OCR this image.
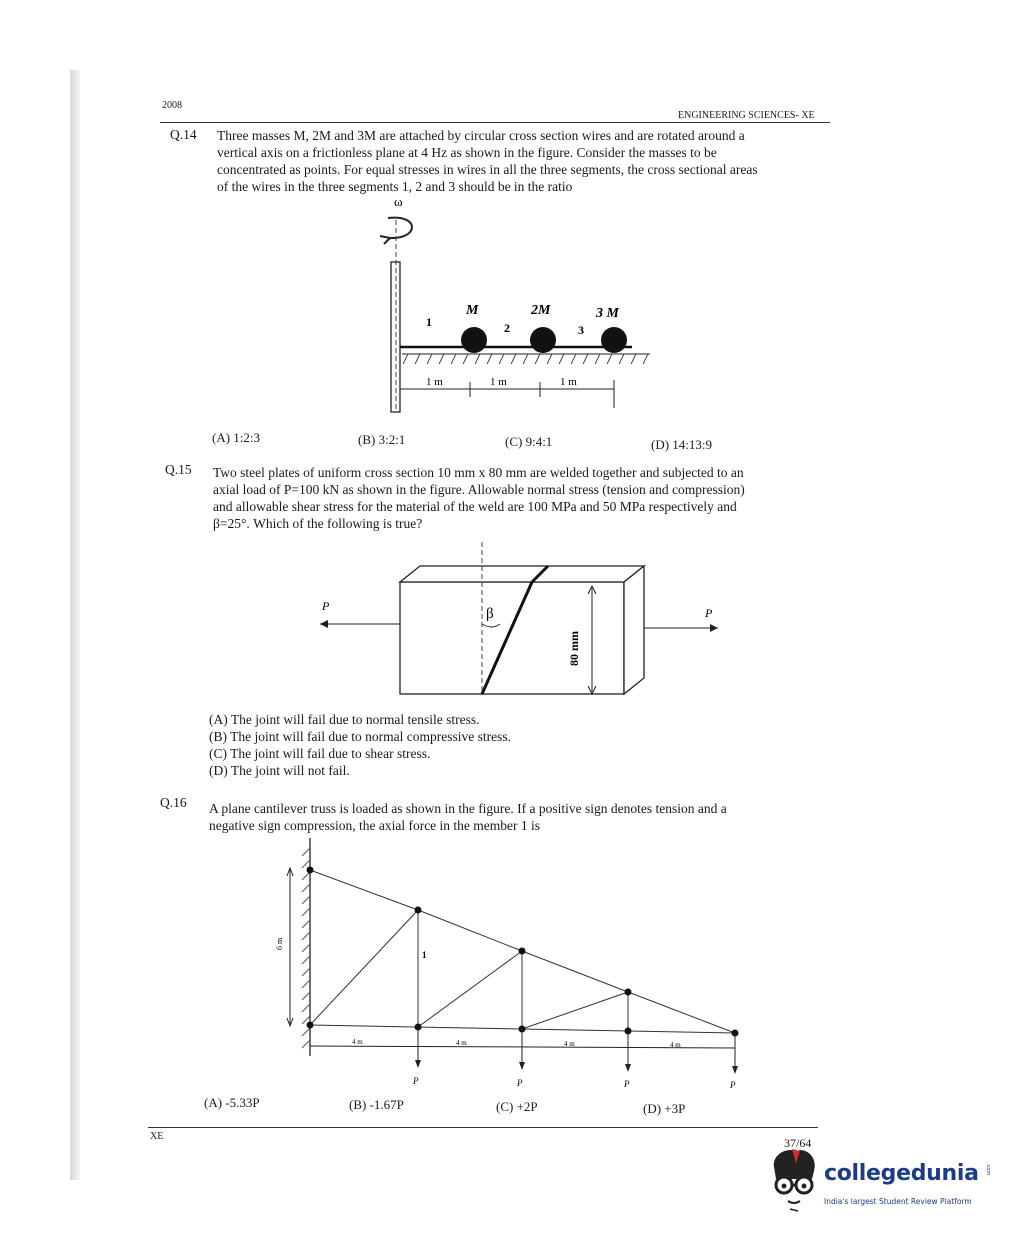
2008
ENGINEERING SCIENCES- XE
Q.14 Three masses M, 2M and 3M are attached by circular cross section wires and are rotated around a
vertical axis on a frictionless plane at 4 Hz as shown in the figure. Consider the masses to be
concentrated as points. For equal stresses in wires in all the three segments, the cross sectional areas
of the wires in the three segments 1, 2 and 3 should be in the ratio
ω
M	2M	3 M
1	2	3
1 m	1 m	1 m
(A) 1:2:3	(B) 3:2:1	(C) 9:4:1	(D) 14:13:9
Q.15 Two steel plates of uniform cross section 10 mm x 80 mm are welded together and subjected to an
axial load of P=100 kN as shown in the figure. Allowable normal stress (tension and compression)
and allowable shear stress for the material of the weld are 100 MPa and 50 MPa respectively and
β=25°. Which of the following is true?
β
80 mm
P	P
(A) The joint will fail due to normal tensile stress.
(B) The joint will fail due to normal compressive stress.
(C) The joint will fail due to shear stress.
(D) The joint will not fail.
Q.16 A plane cantilever truss is loaded as shown in the figure. If a positive sign denotes tension and a
negative sign compression, the axial force in the member 1 is
6 m
1
4 m	4 m	4 m	4 m
P	P	P	P
(A) -5.33P	(B) -1.67P	(C) +2P	(D) +3P
XE	37/64
collegedunia .com
India's largest Student Review Platform
